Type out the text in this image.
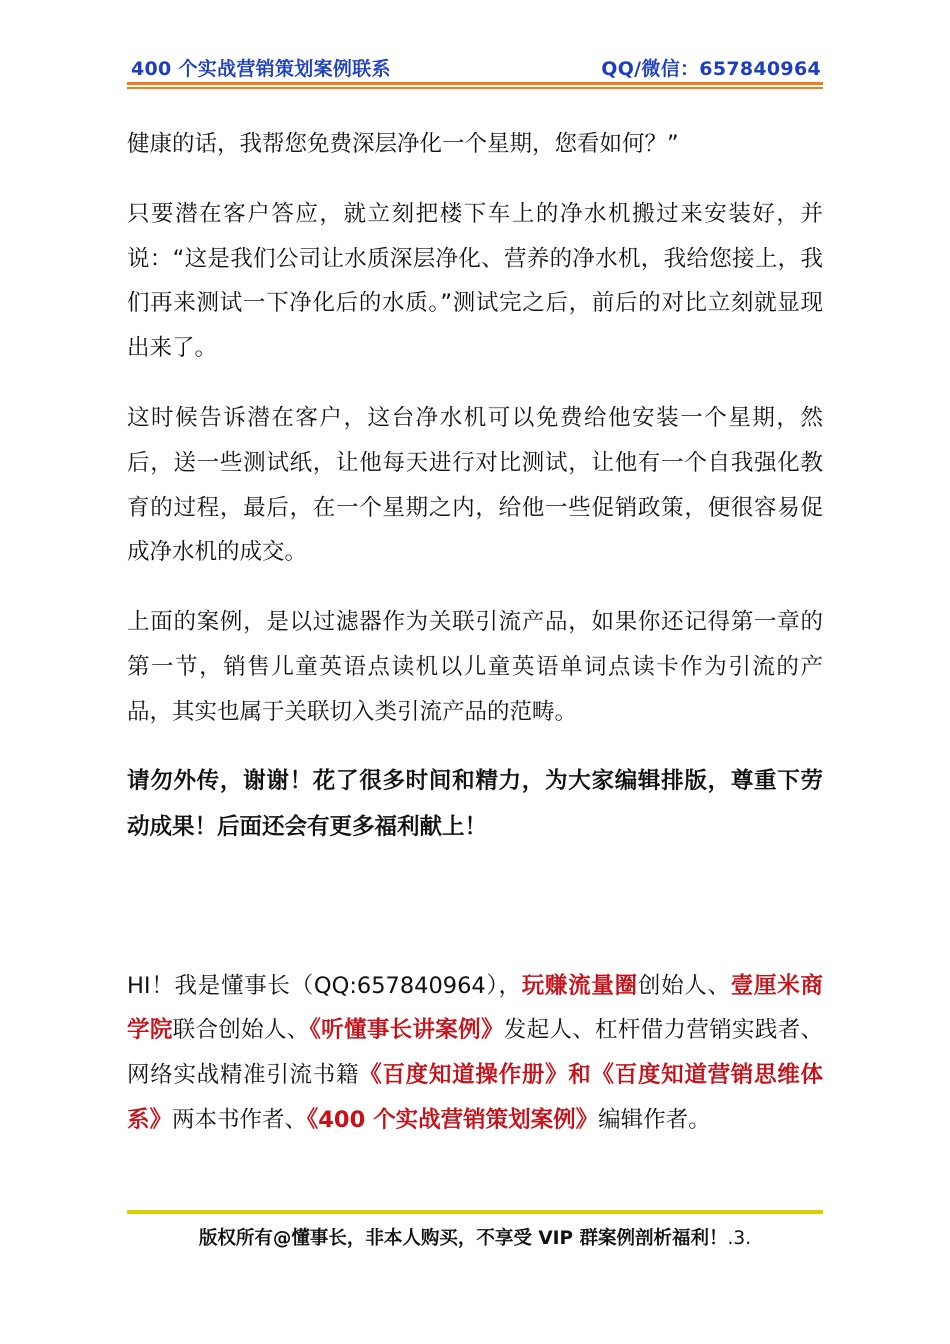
400 个实战营销策划案例联系	QQ/微信：657840964

健康的话，我帮您免费深层净化一个星期，您看如何？”

只要潜在客户答应，就立刻把楼下车上的净水机搬过来安装好，并说：“这是我们公司让水质深层净化、营养的净水机，我给您接上，我们再来测试一下净化后的水质。”测试完之后，前后的对比立刻就显现出来了。

这时候告诉潜在客户，这台净水机可以免费给他安装一个星期，然后，送一些测试纸，让他每天进行对比测试，让他有一个自我强化教育的过程，最后，在一个星期之内，给他一些促销政策，便很容易促成净水机的成交。

上面的案例，是以过滤器作为关联引流产品，如果你还记得第一章的第一节，销售儿童英语点读机以儿童英语单词点读卡作为引流的产品，其实也属于关联切入类引流产品的范畴。

请勿外传，谢谢！花了很多时间和精力，为大家编辑排版，尊重下劳动成果！后面还会有更多福利献上！

HI！我是懂事长（QQ:657840964），玩赚流量圈创始人、壹厘米商学院联合创始人、《听懂事长讲案例》发起人、杠杆借力营销实践者、网络实战精准引流书籍《百度知道操作册》和《百度知道营销思维体系》两本书作者、《400 个实战营销策划案例》编辑作者。

版权所有@懂事长，非本人购买，不享受 VIP 群案例剖析福利！.3.
